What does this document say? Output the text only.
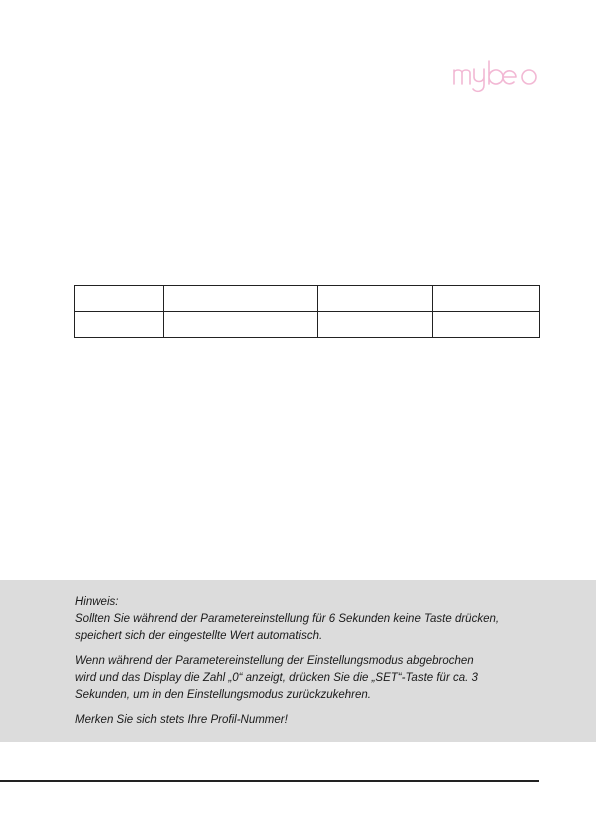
Hinweis:

Sollten Sie während der Parametereinstellung für 6 Sekunden keine Taste drücken,
speichert sich der eingestellte Wert automatisch.

Wenn während der Parametereinstellung der Einstellungsmodus abgebrochen
wird und das Display die Zahl „0“ anzeigt, drücken Sie die „SET“-Taste für ca. 3
Sekunden, um in den Einstellungsmodus zurückzukehren.

Merken Sie sich stets Ihre Profil-Nummer!
